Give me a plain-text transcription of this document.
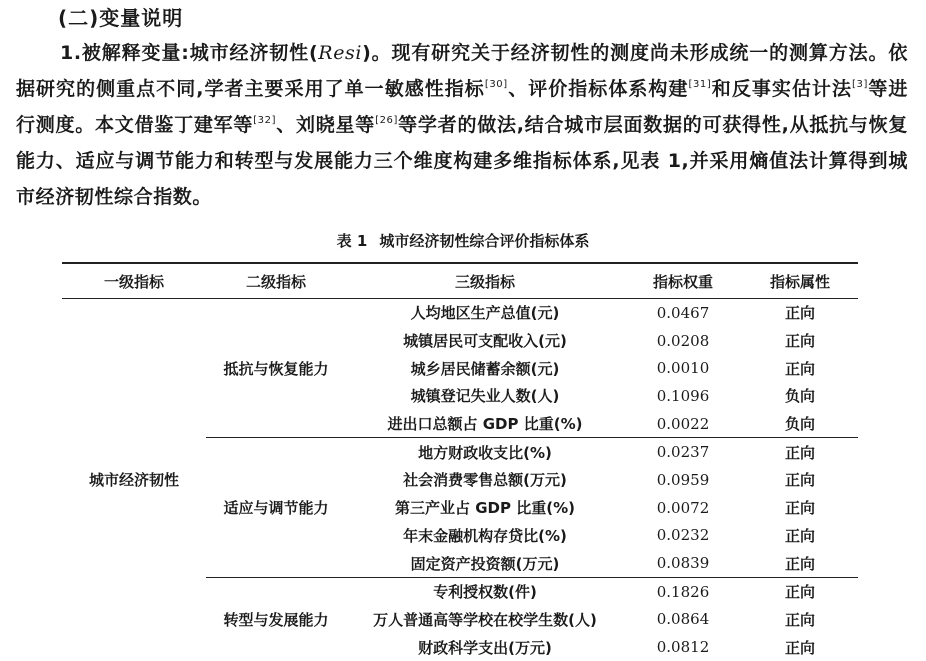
(二)变量说明
1.被解释变量:城市经济韧性(Resi)。现有研究关于经济韧性的测度尚未形成统一的测算方法。依据研究的侧重点不同,学者主要采用了单一敏感性指标[30]、评价指标体系构建[31]和反事实估计法[3]等进行测度。本文借鉴丁建军等[32]、刘晓星等[26]等学者的做法,结合城市层面数据的可获得性,从抵抗与恢复能力、适应与调节能力和转型与发展能力三个维度构建多维指标体系,见表 1,并采用熵值法计算得到城市经济韧性综合指数。
表 1 城市经济韧性综合评价指标体系
一级指标	二级指标	三级指标	指标权重	指标属性
城市经济韧性	抵抗与恢复能力	人均地区生产总值(元)	0.0467	正向
		城镇居民可支配收入(元)	0.0208	正向
		城乡居民储蓄余额(元)	0.0010	正向
		城镇登记失业人数(人)	0.1096	负向
		进出口总额占 GDP 比重(%)	0.0022	负向
	适应与调节能力	地方财政收支比(%)	0.0237	正向
		社会消费零售总额(万元)	0.0959	正向
		第三产业占 GDP 比重(%)	0.0072	正向
		年末金融机构存贷比(%)	0.0232	正向
		固定资产投资额(万元)	0.0839	正向
	转型与发展能力	专利授权数(件)	0.1826	正向
		万人普通高等学校在校学生数(人)	0.0864	正向
		财政科学支出(万元)	0.0812	正向
